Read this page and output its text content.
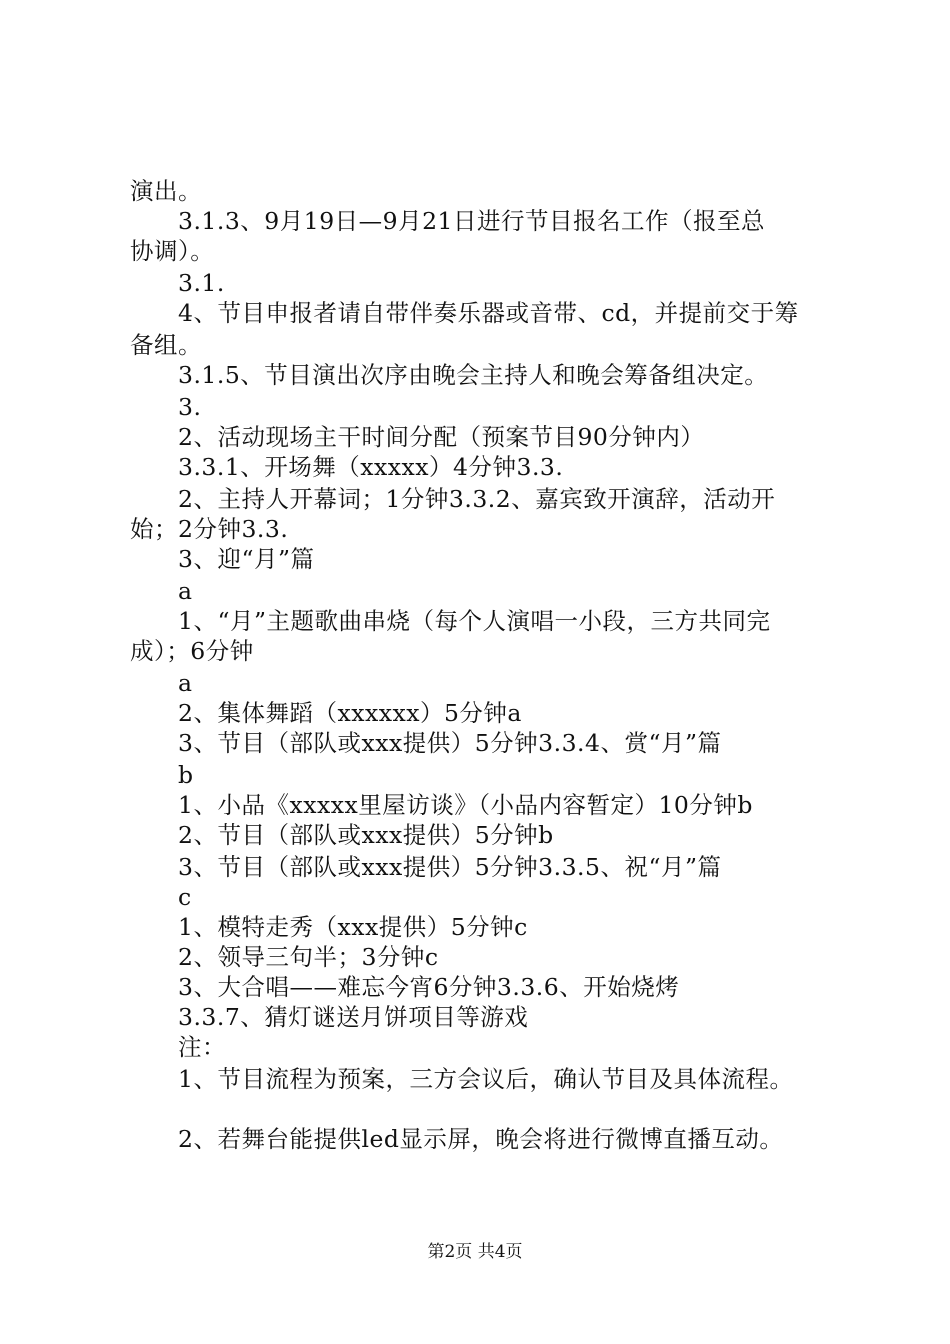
演出。
3.1.3、9月19日—9月21日进行节目报名工作（报至总
协调）。
3.1.
4、节目申报者请自带伴奏乐器或音带、cd，并提前交于筹
备组。
3.1.5、节目演出次序由晚会主持人和晚会筹备组决定。
3.
2、活动现场主干时间分配（预案节目90分钟内）
3.3.1、开场舞（xxxxx）4分钟3.3.
2、主持人开幕词；1分钟3.3.2、嘉宾致开演辞，活动开
始；2分钟3.3.
3、迎“月”篇
a
1、“月”主题歌曲串烧（每个人演唱一小段，三方共同完
成）；6分钟
a
2、集体舞蹈（xxxxxx）5分钟a
3、节目（部队或xxx提供）5分钟3.3.4、赏“月”篇
b
1、小品《xxxxx里屋访谈》（小品内容暂定）10分钟b
2、节目（部队或xxx提供）5分钟b
3、节目（部队或xxx提供）5分钟3.3.5、祝“月”篇
c
1、模特走秀（xxx提供）5分钟c
2、领导三句半；3分钟c
3、大合唱——难忘今宵6分钟3.3.6、开始烧烤
3.3.7、猜灯谜送月饼项目等游戏
注：
1、节目流程为预案，三方会议后，确认节目及具体流程。
2、若舞台能提供led显示屏，晚会将进行微博直播互动。
第2页 共4页
